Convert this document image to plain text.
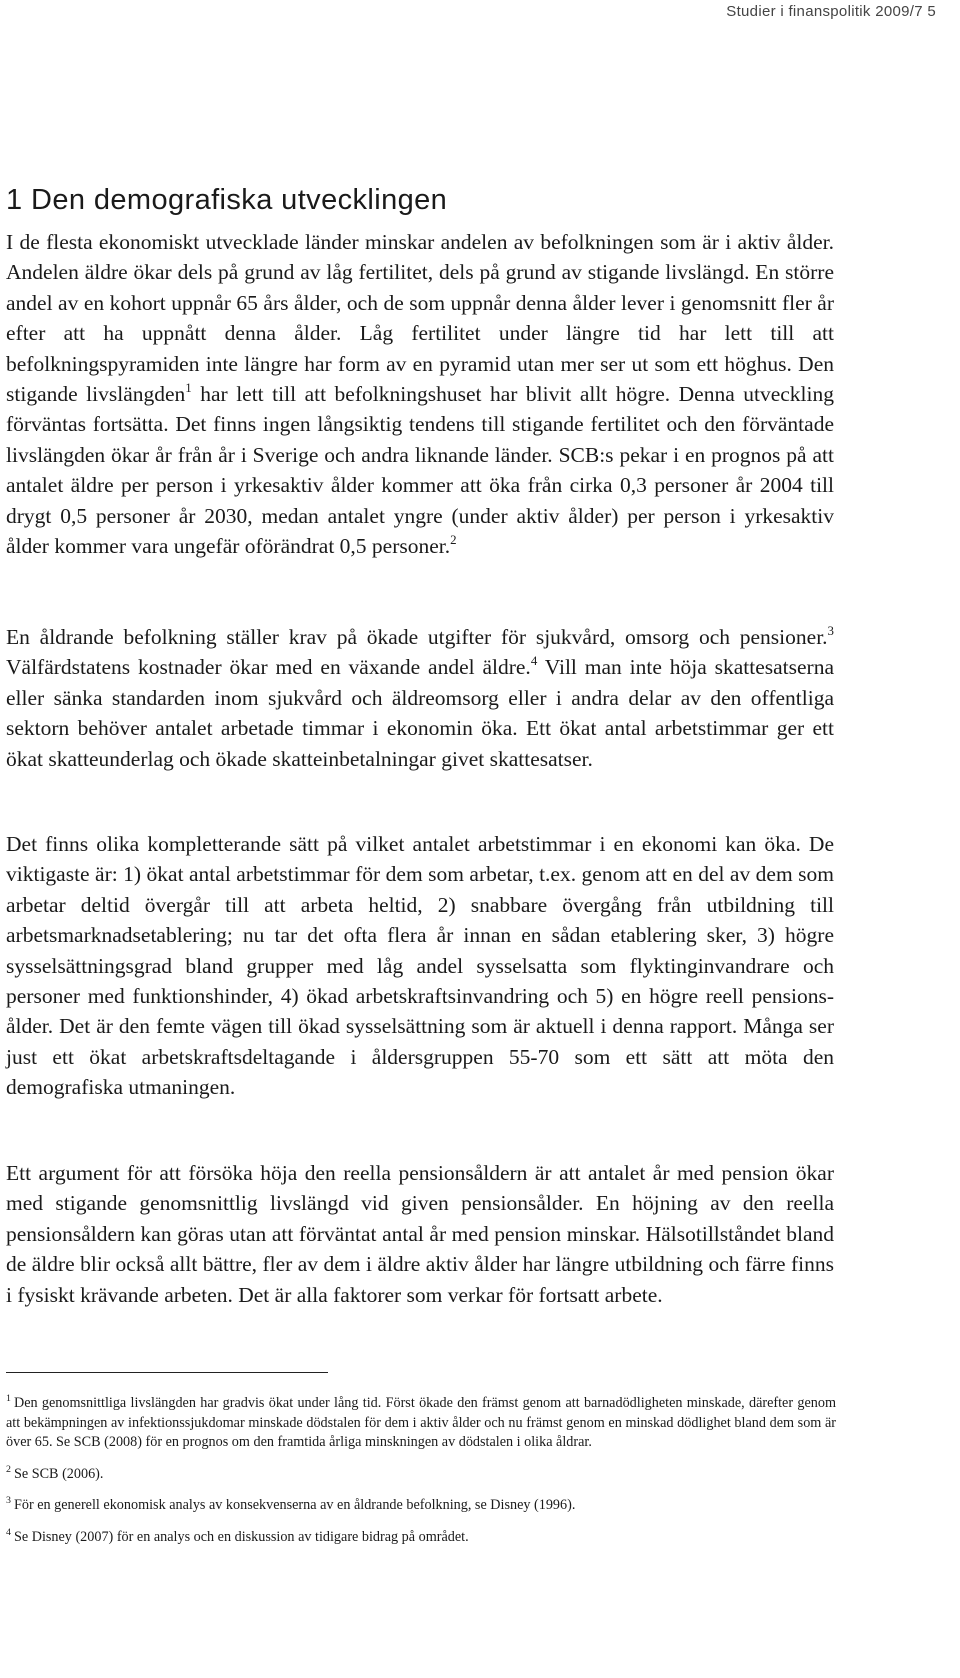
Studier i finanspolitik 2009/7 5
1 Den demografiska utvecklingen

I de flesta ekonomiskt utvecklade länder minskar andelen av befolkningen som är i aktiv ålder. Andelen äldre ökar dels på grund av låg fertilitet, dels på grund av stigande livslängd. En större andel av en kohort uppnår 65 års ålder, och de som uppnår denna ålder lever i genomsnitt fler år efter att ha uppnått denna ålder. Låg fertilitet under längre tid har lett till att befolkningspyramiden inte längre har form av en pyramid utan mer ser ut som ett höghus. Den stigande livslängden$^1$ har lett till att befolkningshuset har blivit allt högre. Denna utveckling förväntas fortsätta. Det finns ingen långsiktig tendens till stigande fertilitet och den förväntade livslängden ökar år från år i Sverige och andra liknande länder. SCB:s pekar i en prognos på att antalet äldre per person i yrkesaktiv ålder kommer att öka från cirka 0,3 personer år 2004 till drygt 0,5 personer år 2030, medan antalet yngre (under aktiv ålder) per person i yrkesaktiv ålder kommer vara ungefär oförändrat 0,5 personer.$^2$

En åldrande befolkning ställer krav på ökade utgifter för sjukvård, omsorg och pensioner.$^3$ Välfärdstatens kostnader ökar med en växande andel äldre.$^4$ Vill man inte höja skattesatserna eller sänka standarden inom sjukvård och äldreomsorg eller i andra delar av den offentliga sektorn behöver antalet arbetade timmar i ekonomin öka. Ett ökat antal arbetstimmar ger ett ökat skatteunderlag och ökade skatteinbetalningar givet skattesatser.

Det finns olika kompletterande sätt på vilket antalet arbetstimmar i en ekonomi kan öka. De viktigaste är: 1) ökat antal arbetstimmar för dem som arbetar, t.ex. genom att en del av dem som arbetar deltid övergår till att arbeta heltid, 2) snabbare övergång från utbildning till arbetsmarknadsetablering; nu tar det ofta flera år innan en sådan etablering sker, 3) högre sysselsättningsgrad bland grupper med låg andel sysselsatta som flyktinginvandrare och personer med funktionshinder, 4) ökad arbetskraftsinvandring och 5) en högre reell pensionsålder. Det är den femte vägen till ökad sysselsättning som är aktuell i denna rapport. Många ser just ett ökat arbetskraftsdeltagande i åldersgruppen 55-70 som ett sätt att möta den demografiska utmaningen.

Ett argument för att försöka höja den reella pensionsåldern är att antalet år med pension ökar med stigande genomsnittlig livslängd vid given pensionsålder. En höjning av den reella pensionsåldern kan göras utan att förväntat antal år med pension minskar. Hälsotillståndet bland de äldre blir också allt bättre, fler av dem i äldre aktiv ålder har längre utbildning och färre finns i fysiskt krävande arbeten. Det är alla faktorer som verkar för fortsatt arbete.

$^1$ Den genomsnittliga livslängden har gradvis ökat under lång tid. Först ökade den främst genom att barnadödligheten minskade, därefter genom att bekämpningen av infektionssjukdomar minskade dödstalen för dem i aktiv ålder och nu främst genom en minskad dödlighet bland dem som är över 65. Se SCB (2008) för en prognos om den framtida årliga minskningen av dödstalen i olika åldrar.

$^2$ Se SCB (2006).

$^3$ För en generell ekonomisk analys av konsekvenserna av en åldrande befolkning, se Disney (1996).

$^4$ Se Disney (2007) för en analys och en diskussion av tidigare bidrag på området.
